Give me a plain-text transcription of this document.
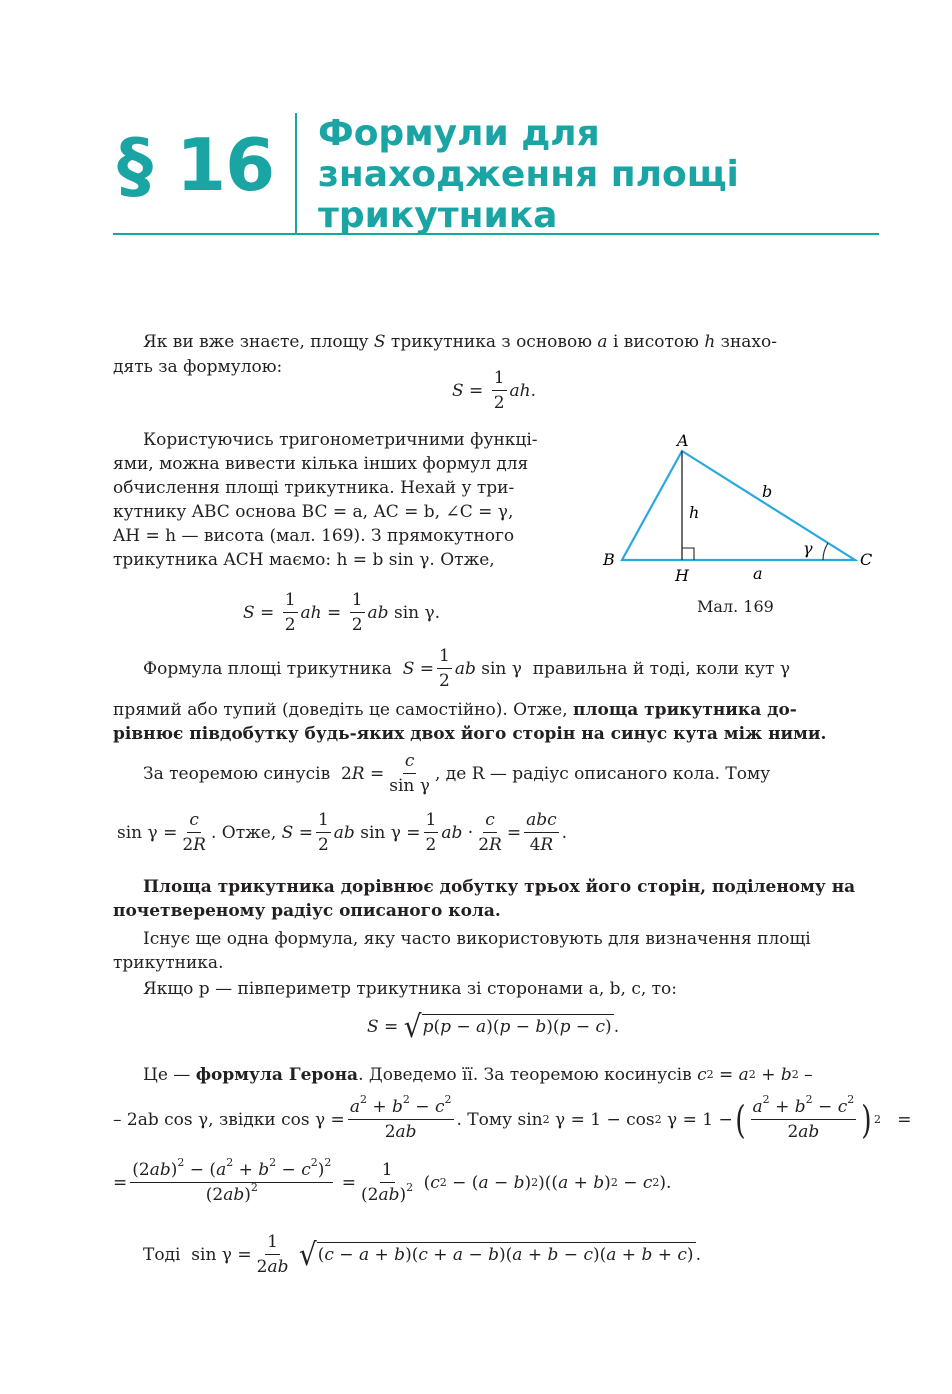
§ 16 Формули для
знаходження площі
трикутника
Як ви вже знаєте, площу S трикутника з основою a і висотою h знахо-
дять за формулою:
$S = \frac{1}{2}$ ah .
Користуючись тригонометричними функці-
ями, можна вивести кілька інших формул для
обчислення площі трикутника. Нехай у три-
кутнику ABC основа BC = a, AC = b, ∠C = γ,
AH = h — висота (мал. 169). З прямокутного
трикутника ACH маємо: h = b sin γ. Отже,
$S = \frac{1}{2}$ ah = $\frac{1}{2}$ ab sin γ.
A
B	C
H	a
b
h
γ
Мал. 169
Формула площі трикутника
$S = \frac{1}{2}$ ab sin γ
правильна й тоді, коли кут γ
прямий або тупий (доведіть це самостійно). Отже, площа трикутника до-
рівнює півдобутку будь-яких двох його сторін на синус кута між ними.
За теоремою синусів
2 $R = \frac{c}{\text{sin γ}}$ , де R — радіус описаного кола. Тому
$\sin \gamma = \frac{c}{2R}$ .
Отже,
$S = \frac{1}{2}$ ab $\sin \gamma = \frac{1}{2}$ ab · $\frac{c}{2R} = \frac{\text{abc}}{4R}$ .
Площа трикутника дорівнює добутку трьох його сторін, поділеному на
почетвереному радіус описаного кола.
Існує ще одна формула, яку часто використовують для визначення площі
трикутника.
Якщо p — півпериметр трикутника зі сторонами a, b, c, то:
S = √ p(p − a)(p − b)(p − c) .
Це — формула Герона. Доведемо її. За теоремою косинусів c 2 = a 2 + b 2 –
– 2ab cos γ, звідки
$\cos \gamma = \frac{a^2 + b^2 - c^2}{2ab}$ . Тому
sin 2 γ = 1 − cos 2 γ = 1 − ( $\frac{a^2 + b^2 - c^2}{2ab}$ ) 2 =
= $\frac{(2ab)^2 - (a^2 + b^2 - c^2)^2}{(2ab)^2} = \frac{1}{(2ab)^2}$ ( c 2 − ( a − b ) 2 )(( a + b ) 2 − c 2 ).
Тоді
$\sin \gamma = \frac{1}{2ab}$
√ (c − a + b)(c + a − b)(a + b − c)(a + b + c) .
